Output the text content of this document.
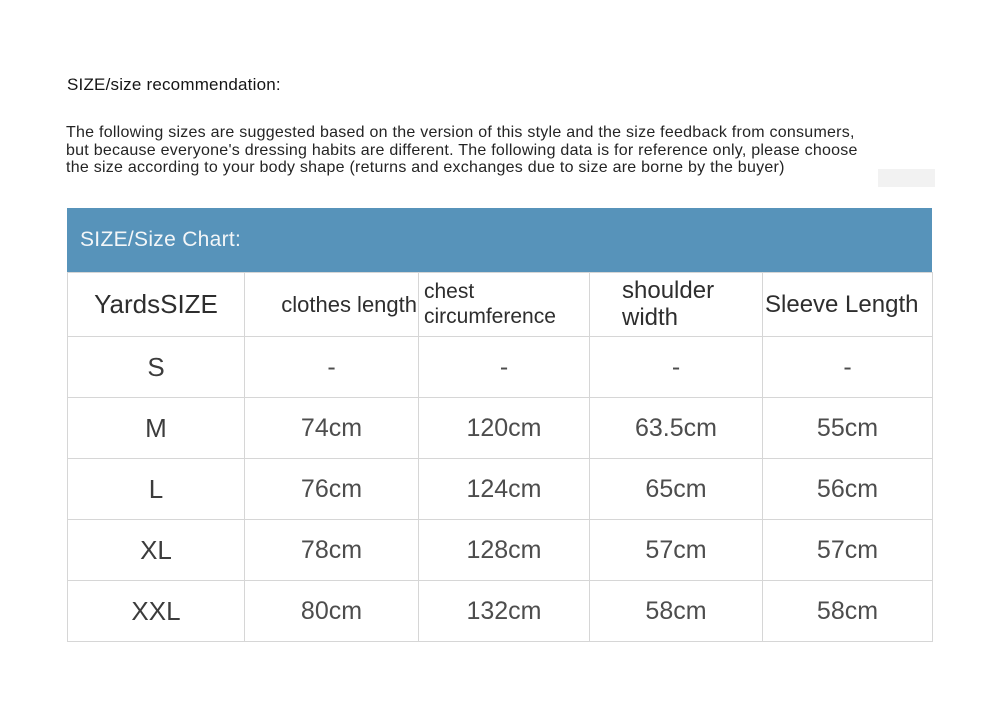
SIZE/size recommendation:
The following sizes are suggested based on the version of this style and the size feedback from consumers,
but because everyone's dressing habits are different. The following data is for reference only, please choose
the size according to your body shape (returns and exchanges due to size are borne by the buyer)
SIZE/Size Chart:
YardsSIZE	clothes length	chest circumference	shoulder width	Sleeve Length
S	-	-	-	-
M	74cm	120cm	63.5cm	55cm
L	76cm	124cm	65cm	56cm
XL	78cm	128cm	57cm	57cm
XXL	80cm	132cm	58cm	58cm
